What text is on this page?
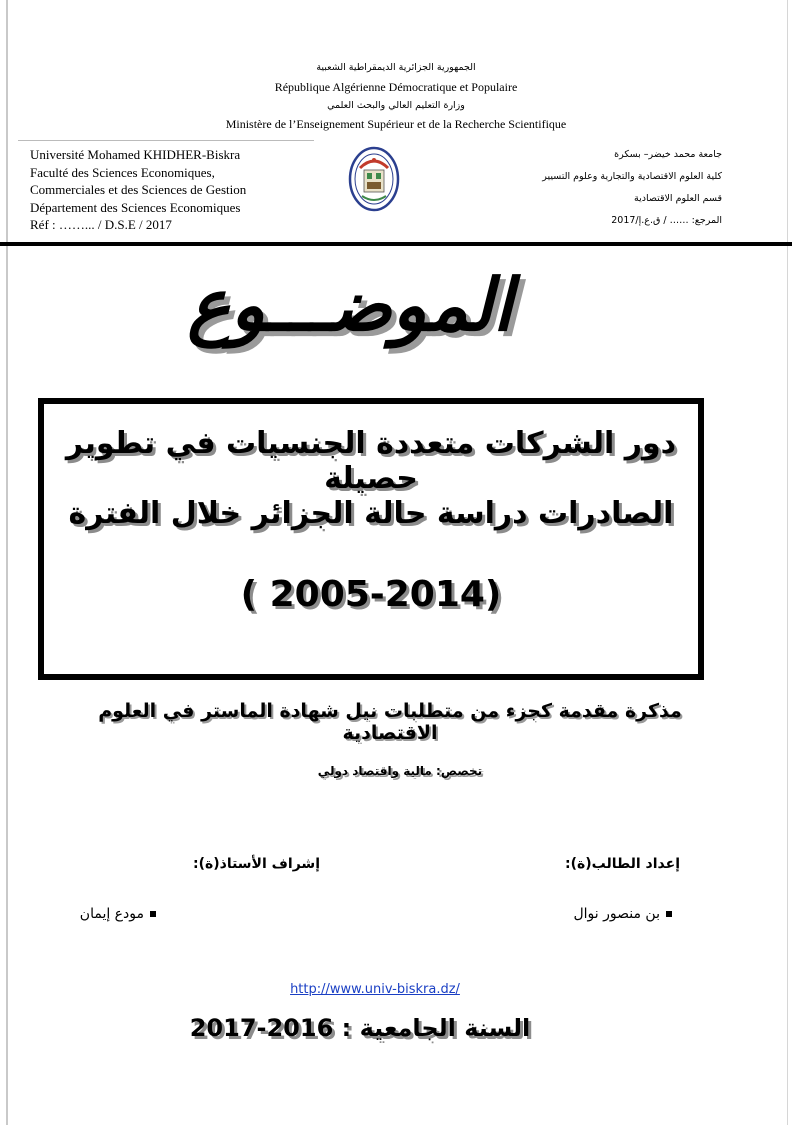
الجمهورية الجزائرية الديمقراطية الشعبية
République Algérienne Démocratique et Populaire
وزارة التعليم العالي والبحث العلمي
Ministère de l’Enseignement Supérieur et de la Recherche Scientifique
Université Mohamed KHIDHER-Biskra
Faculté des Sciences Economiques,
Commerciales et des Sciences de Gestion
Département des Sciences Economiques
Réf : ……... / D.S.E / 2017
جامعة محمد خيضر– بسكرة
كلية العلوم الاقتصادية والتجارية وعلوم التسيير
قسم العلوم الاقتصادية
المرجع: …… / ق.ع.إ/2017
الموضـــوع
دور الشركات متعددة الجنسيات في تطوير حصيلة
الصادرات دراسة حالة الجزائر خلال الفترة
( 2005-2014)
مذكرة مقدمة كجزء من متطلبات نيل شهادة الماستر في العلوم الاقتصادية
تخصص: مالية واقتصاد دولي
إعداد الطالب(ة):
إشراف الأستاذ(ة):
بن منصور نوال
مودع إيمان
http://www.univ-biskra.dz/
السنة الجامعية : 2016-2017
